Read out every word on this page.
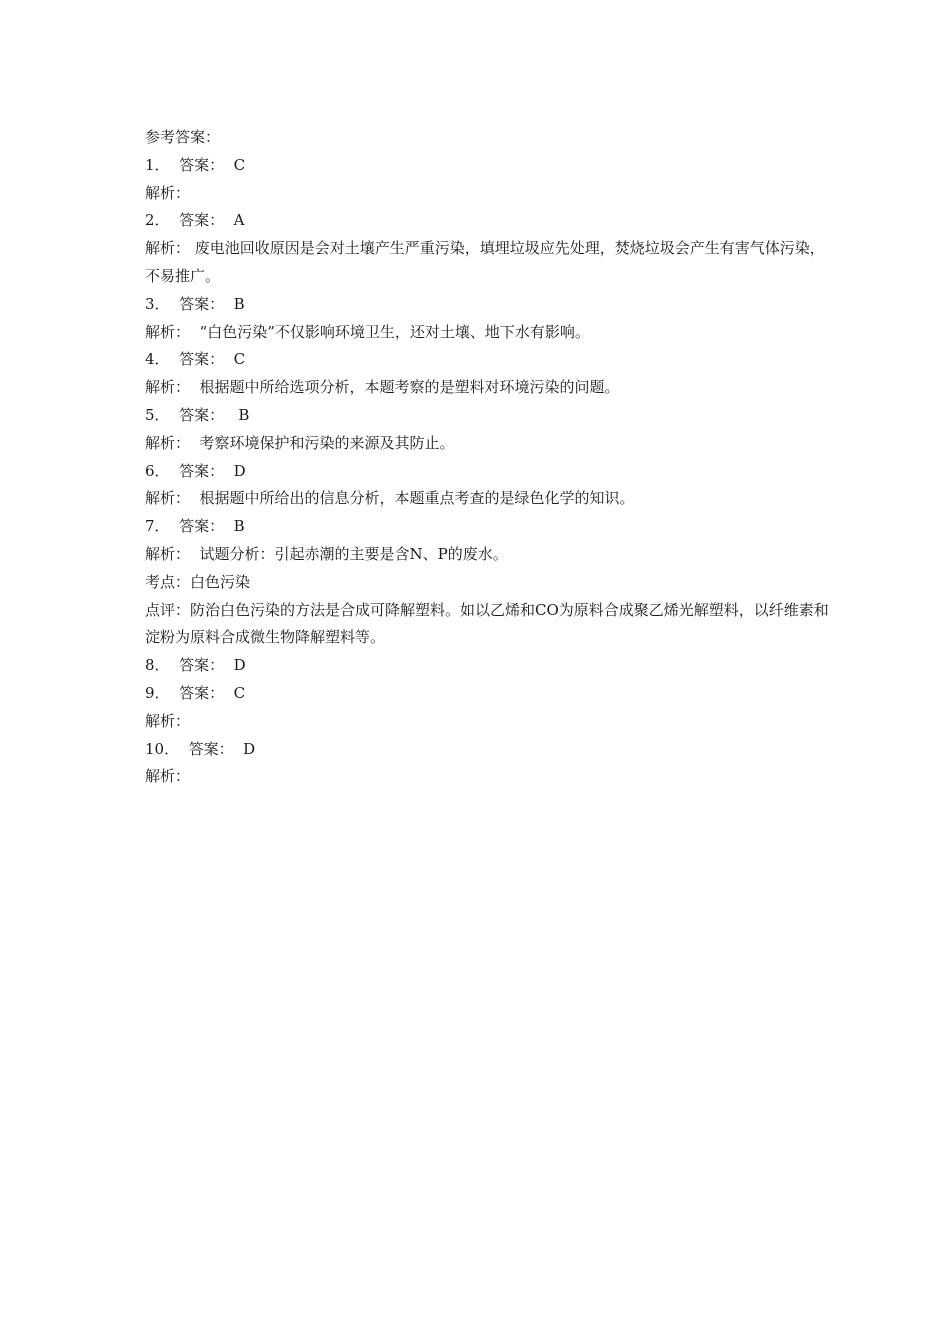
参考答案：

1．  答案：  C

解析：

2．  答案：  A

解析： 废电池回收原因是会对土壤产生严重污染，填埋垃圾应先处理，焚烧垃圾会产生有害气体污染，不易推广。

3．  答案：  B

解析：  “白色污染”不仅影响环境卫生，还对土壤、地下水有影响。

4．  答案：  C

解析：  根据题中所给选项分析，本题考察的是塑料对环境污染的问题。

5．  答案：   B

解析：  考察环境保护和污染的来源及其防止。

6．  答案：  D

解析：  根据题中所给出的信息分析，本题重点考查的是绿色化学的知识。

7．  答案：  B

解析：  试题分析：引起赤潮的主要是含N、P的废水。

考点：白色污染

点评：防治白色污染的方法是合成可降解塑料。如以乙烯和CO为原料合成聚乙烯光解塑料，以纤维素和淀粉为原料合成微生物降解塑料等。

8．  答案：  D

9．  答案：  C

解析：

10．  答案：  D

解析：
